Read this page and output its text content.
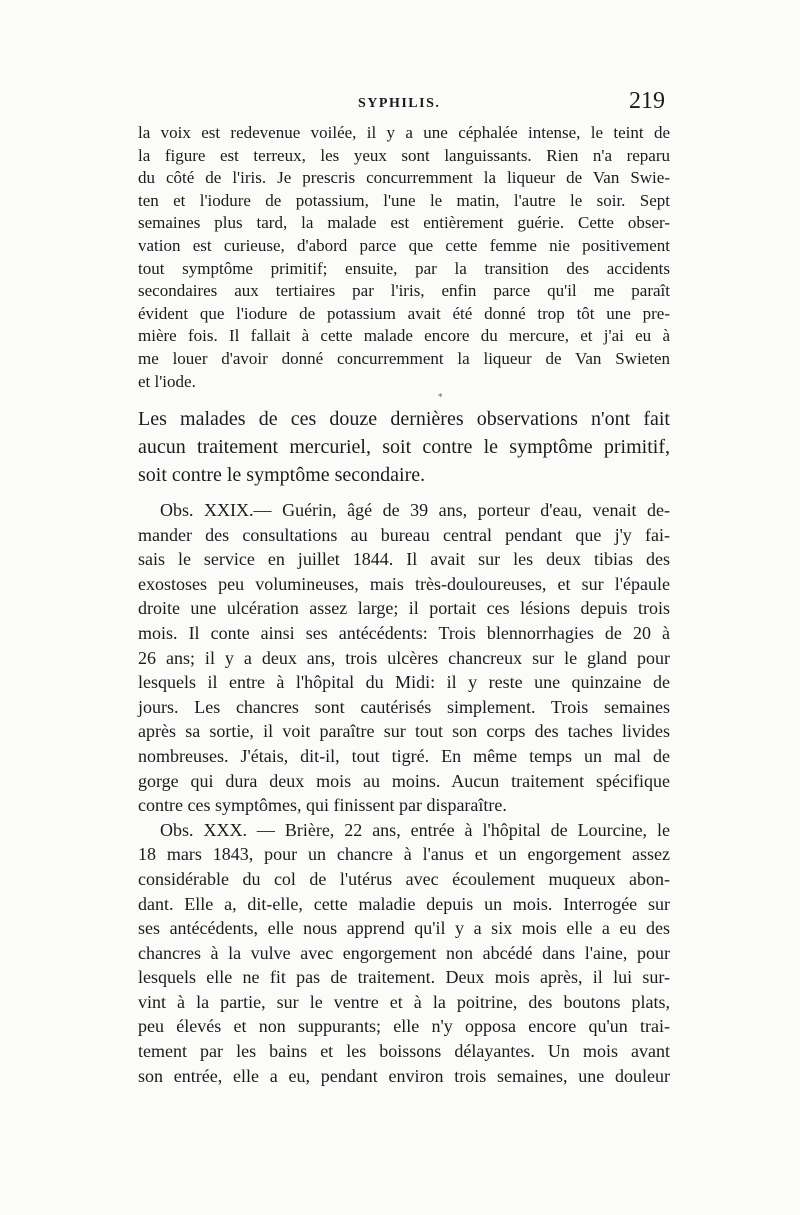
SYPHILIS.	219
la voix est redevenue voilée, il y a une céphalée intense, le teint de
la figure est terreux, les yeux sont languissants. Rien n'a reparu
du côté de l'iris. Je prescris concurremment la liqueur de Van Swie-
ten et l'iodure de potassium, l'une le matin, l'autre le soir. Sept
semaines plus tard, la malade est entièrement guérie. Cette obser-
vation est curieuse, d'abord parce que cette femme nie positivement
tout symptôme primitif; ensuite, par la transition des accidents
secondaires aux tertiaires par l'iris, enfin parce qu'il me paraît
évident que l'iodure de potassium avait été donné trop tôt une pre-
mière fois. Il fallait à cette malade encore du mercure, et j'ai eu à
me louer d'avoir donné concurremment la liqueur de Van Swieten
et l'iode.
*
Les malades de ces douze dernières observations n'ont fait
aucun traitement mercuriel, soit contre le symptôme primitif,
soit contre le symptôme secondaire.
Obs. XXIX.— Guérin, âgé de 39 ans, porteur d'eau, venait de-
mander des consultations au bureau central pendant que j'y fai-
sais le service en juillet 1844. Il avait sur les deux tibias des
exostoses peu volumineuses, mais très-douloureuses, et sur l'épaule
droite une ulcération assez large; il portait ces lésions depuis trois
mois. Il conte ainsi ses antécédents: Trois blennorrhagies de 20 à
26 ans; il y a deux ans, trois ulcères chancreux sur le gland pour
lesquels il entre à l'hôpital du Midi: il y reste une quinzaine de
jours. Les chancres sont cautérisés simplement. Trois semaines
après sa sortie, il voit paraître sur tout son corps des taches livides
nombreuses. J'étais, dit-il, tout tigré. En même temps un mal de
gorge qui dura deux mois au moins. Aucun traitement spécifique
contre ces symptômes, qui finissent par disparaître.
Obs. XXX. — Brière, 22 ans, entrée à l'hôpital de Lourcine, le
18 mars 1843, pour un chancre à l'anus et un engorgement assez
considérable du col de l'utérus avec écoulement muqueux abon-
dant. Elle a, dit-elle, cette maladie depuis un mois. Interrogée sur
ses antécédents, elle nous apprend qu'il y a six mois elle a eu des
chancres à la vulve avec engorgement non abcédé dans l'aine, pour
lesquels elle ne fit pas de traitement. Deux mois après, il lui sur-
vint à la partie, sur le ventre et à la poitrine, des boutons plats,
peu élevés et non suppurants; elle n'y opposa encore qu'un trai-
tement par les bains et les boissons délayantes. Un mois avant
son entrée, elle a eu, pendant environ trois semaines, une douleur
